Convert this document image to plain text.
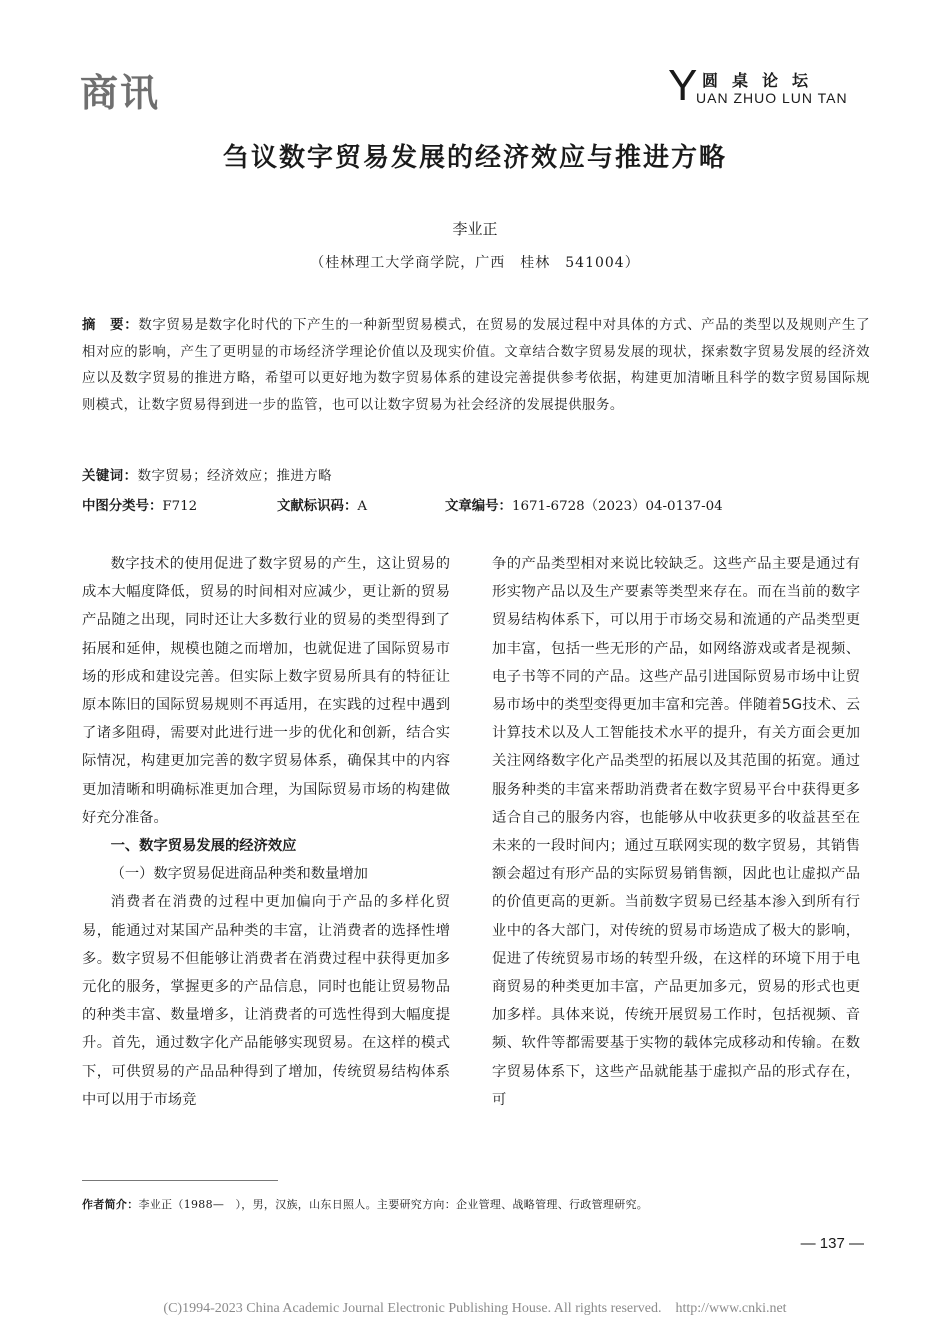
商讯	Y 圆桌论坛
UAN ZHUO LUN TAN
刍议数字贸易发展的经济效应与推进方略
李业正
（桂林理工大学商学院，广西　桂林　541004）
摘　要：数字贸易是数字化时代的下产生的一种新型贸易模式，在贸易的发展过程中对具体的方式、产品的类型以及规则产生了相对应的影响，产生了更明显的市场经济学理论价值以及现实价值。文章结合数字贸易发展的现状，探索数字贸易发展的经济效应以及数字贸易的推进方略，希望可以更好地为数字贸易体系的建设完善提供参考依据，构建更加清晰且科学的数字贸易国际规则模式，让数字贸易得到进一步的监管，也可以让数字贸易为社会经济的发展提供服务。
关键词：数字贸易；经济效应；推进方略
中图分类号：F712	文献标识码：A	文章编号：1671-6728（2023）04-0137-04

数字技术的使用促进了数字贸易的产生，这让贸易的成本大幅度降低，贸易的时间相对应减少，更让新的贸易产品随之出现，同时还让大多数行业的贸易的类型得到了拓展和延伸，规模也随之而增加，也就促进了国际贸易市场的形成和建设完善。但实际上数字贸易所具有的特征让原本陈旧的国际贸易规则不再适用，在实践的过程中遇到了诸多阻碍，需要对此进行进一步的优化和创新，结合实际情况，构建更加完善的数字贸易体系，确保其中的内容更加清晰和明确标准更加合理，为国际贸易市场的构建做好充分准备。

一、数字贸易发展的经济效应

（一）数字贸易促进商品种类和数量增加

消费者在消费的过程中更加偏向于产品的多样化贸易，能通过对某国产品种类的丰富，让消费者的选择性增多。数字贸易不但能够让消费者在消费过程中获得更加多元化的服务，掌握更多的产品信息，同时也能让贸易物品的种类丰富、数量增多，让消费者的可选性得到大幅度提升。首先，通过数字化产品能够实现贸易。在这样的模式下，可供贸易的产品品种得到了增加，传统贸易结构体系中可以用于市场竞

争的产品类型相对来说比较缺乏。这些产品主要是通过有形实物产品以及生产要素等类型来存在。而在当前的数字贸易结构体系下，可以用于市场交易和流通的产品类型更加丰富，包括一些无形的产品，如网络游戏或者是视频、电子书等不同的产品。这些产品引进国际贸易市场中让贸易市场中的类型变得更加丰富和完善。伴随着5G技术、云计算技术以及人工智能技术水平的提升，有关方面会更加关注网络数字化产品类型的拓展以及其范围的拓宽。通过服务种类的丰富来帮助消费者在数字贸易平台中获得更多适合自己的服务内容，也能够从中收获更多的收益甚至在未来的一段时间内；通过互联网实现的数字贸易，其销售额会超过有形产品的实际贸易销售额，因此也让虚拟产品的价值更高的更新。当前数字贸易已经基本渗入到所有行业中的各大部门，对传统的贸易市场造成了极大的影响，促进了传统贸易市场的转型升级，在这样的环境下用于电商贸易的种类更加丰富，产品更加多元，贸易的形式也更加多样。具体来说，传统开展贸易工作时，包括视频、音频、软件等都需要基于实物的载体完成移动和传输。在数字贸易体系下，这些产品就能基于虚拟产品的形式存在，可

作者简介：李业正（1988—　），男，汉族，山东日照人。主要研究方向：企业管理、战略管理、行政管理研究。
— 137 —
(C)1994-2023 China Academic Journal Electronic Publishing House. All rights reserved.　http://www.cnki.net
